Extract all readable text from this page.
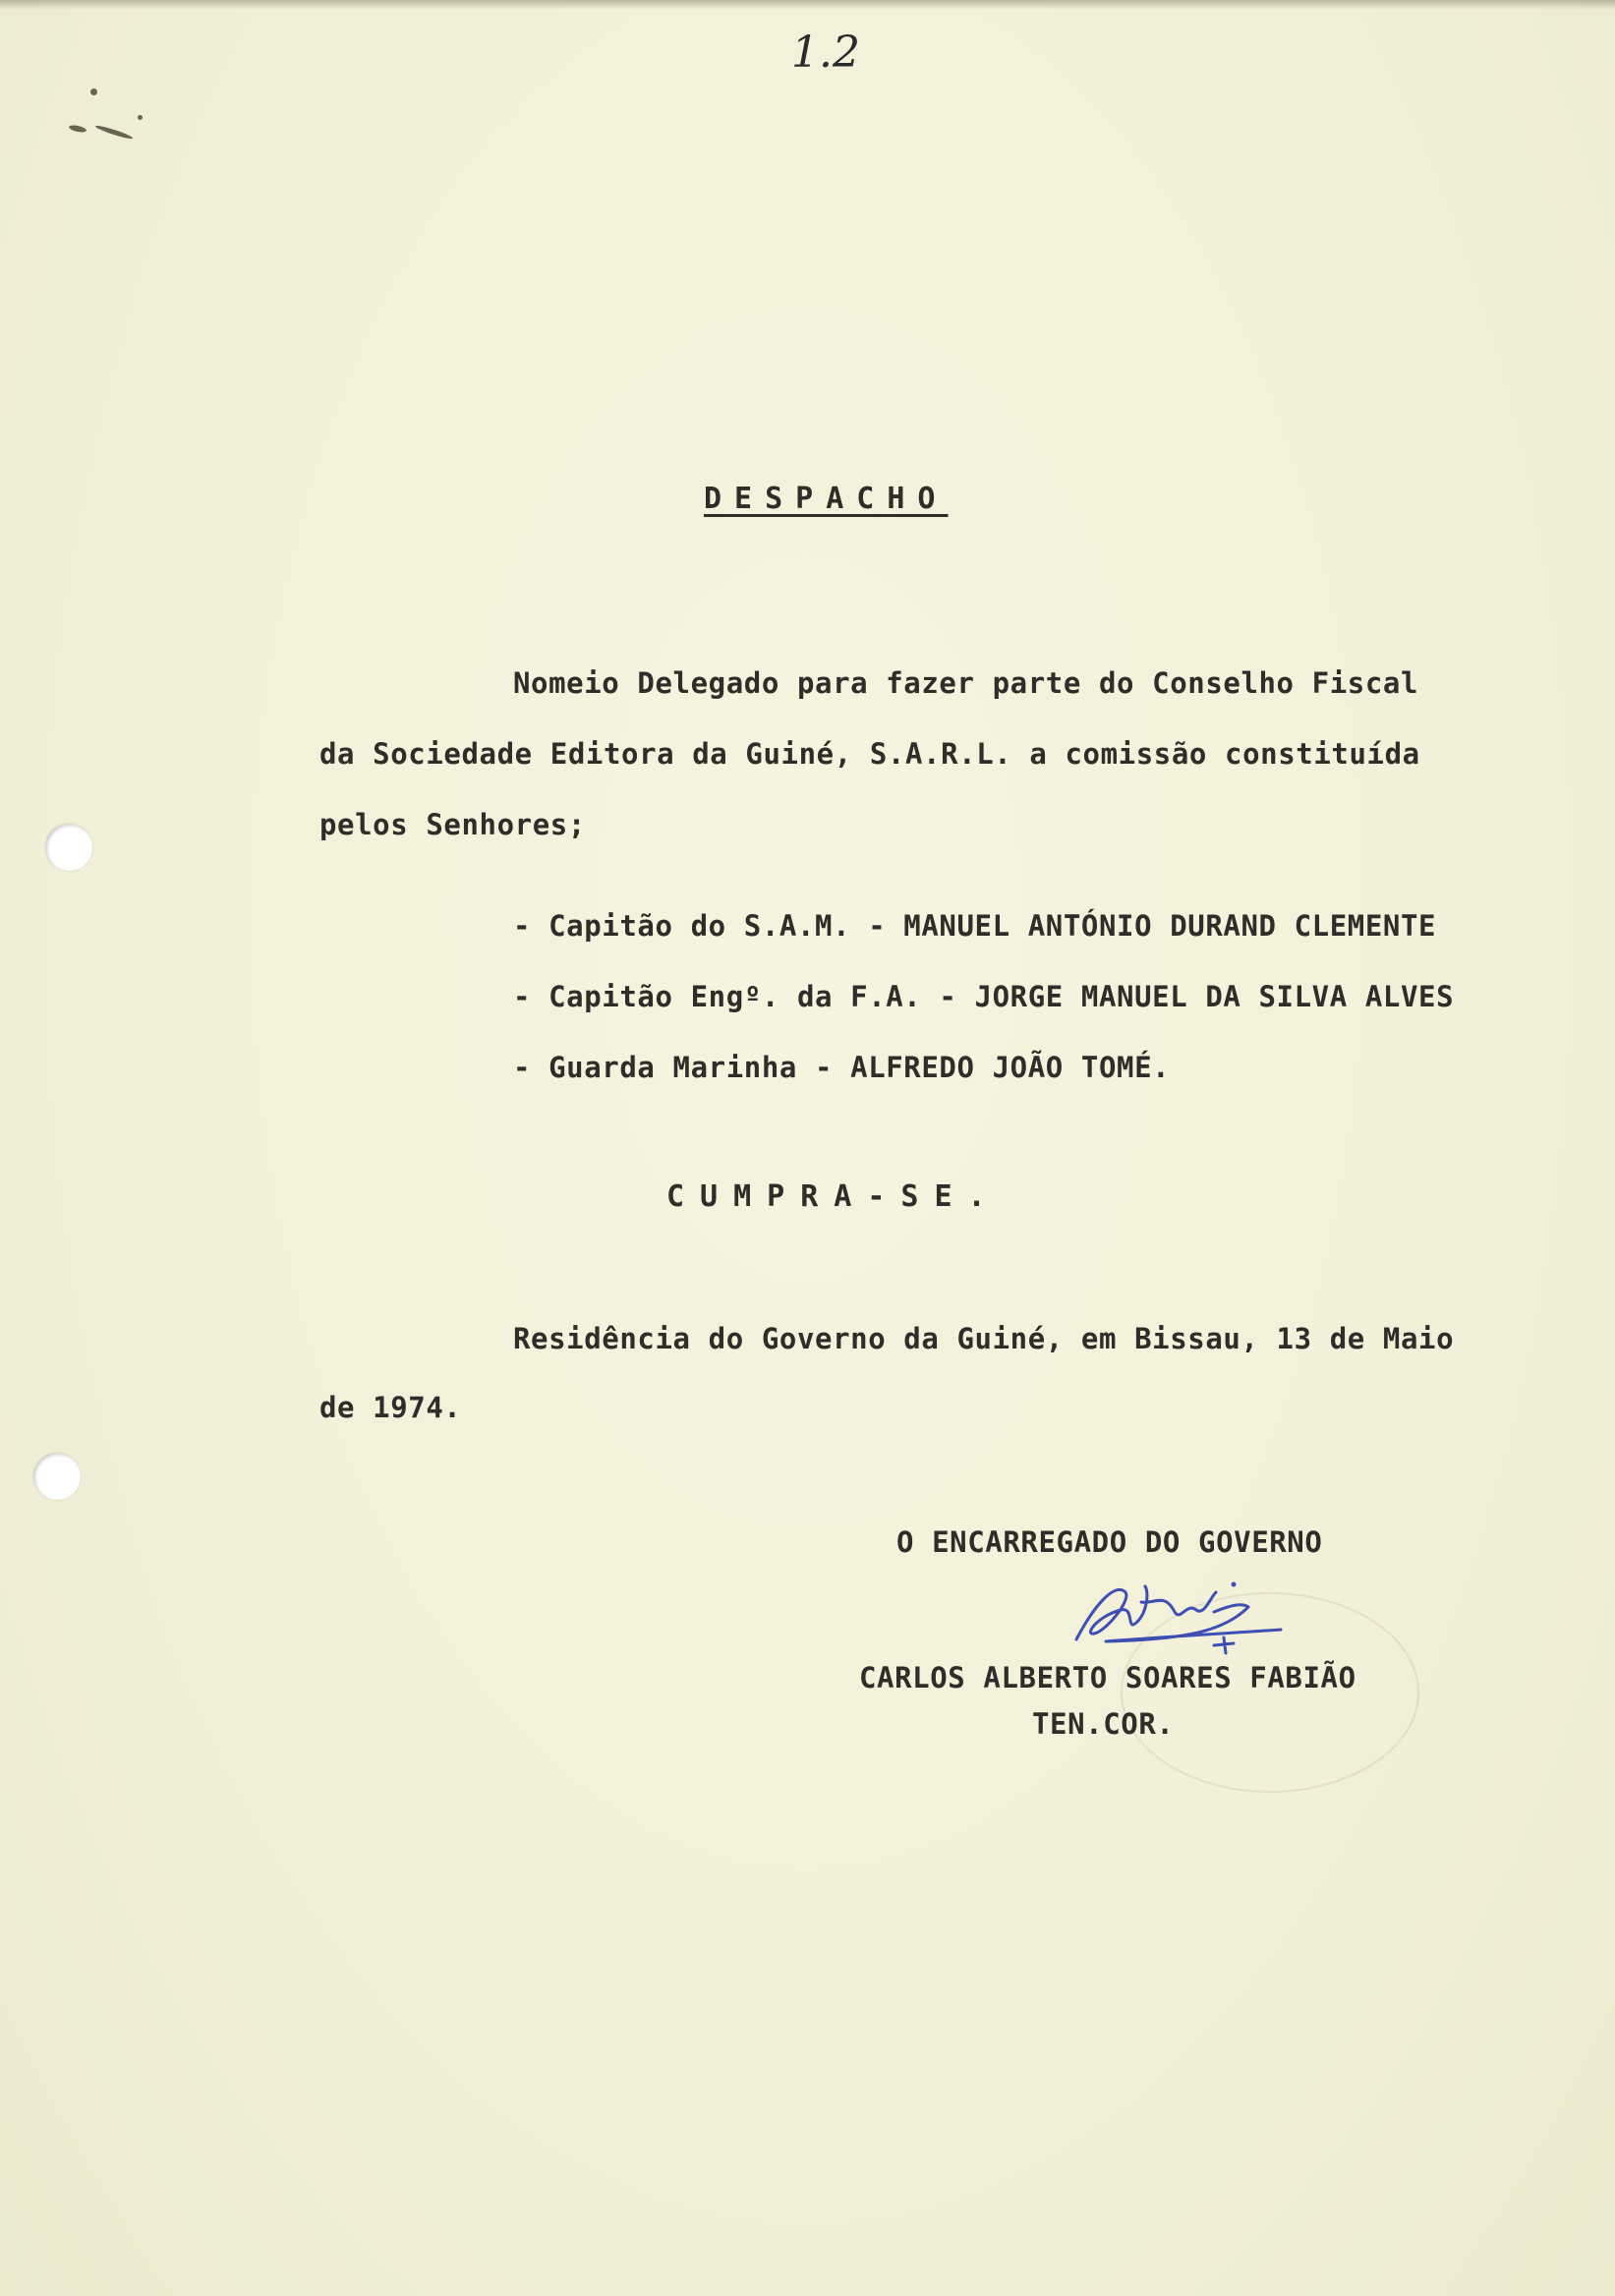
1.2
DESPACHO
Nomeio Delegado para fazer parte do Conselho Fiscal
da Sociedade Editora da Guiné, S.A.R.L. a comissão constituída
pelos Senhores;
- Capitão do S.A.M. - MANUEL ANTÓNIO DURAND CLEMENTE
- Capitão Engº. da F.A. - JORGE MANUEL DA SILVA ALVES
- Guarda Marinha - ALFREDO JOÃO TOMÉ.
CUMPRA-SE.
Residência do Governo da Guiné, em Bissau, 13 de Maio
de 1974.
O ENCARREGADO DO GOVERNO
CARLOS ALBERTO SOARES FABIÃO
TEN.COR.
